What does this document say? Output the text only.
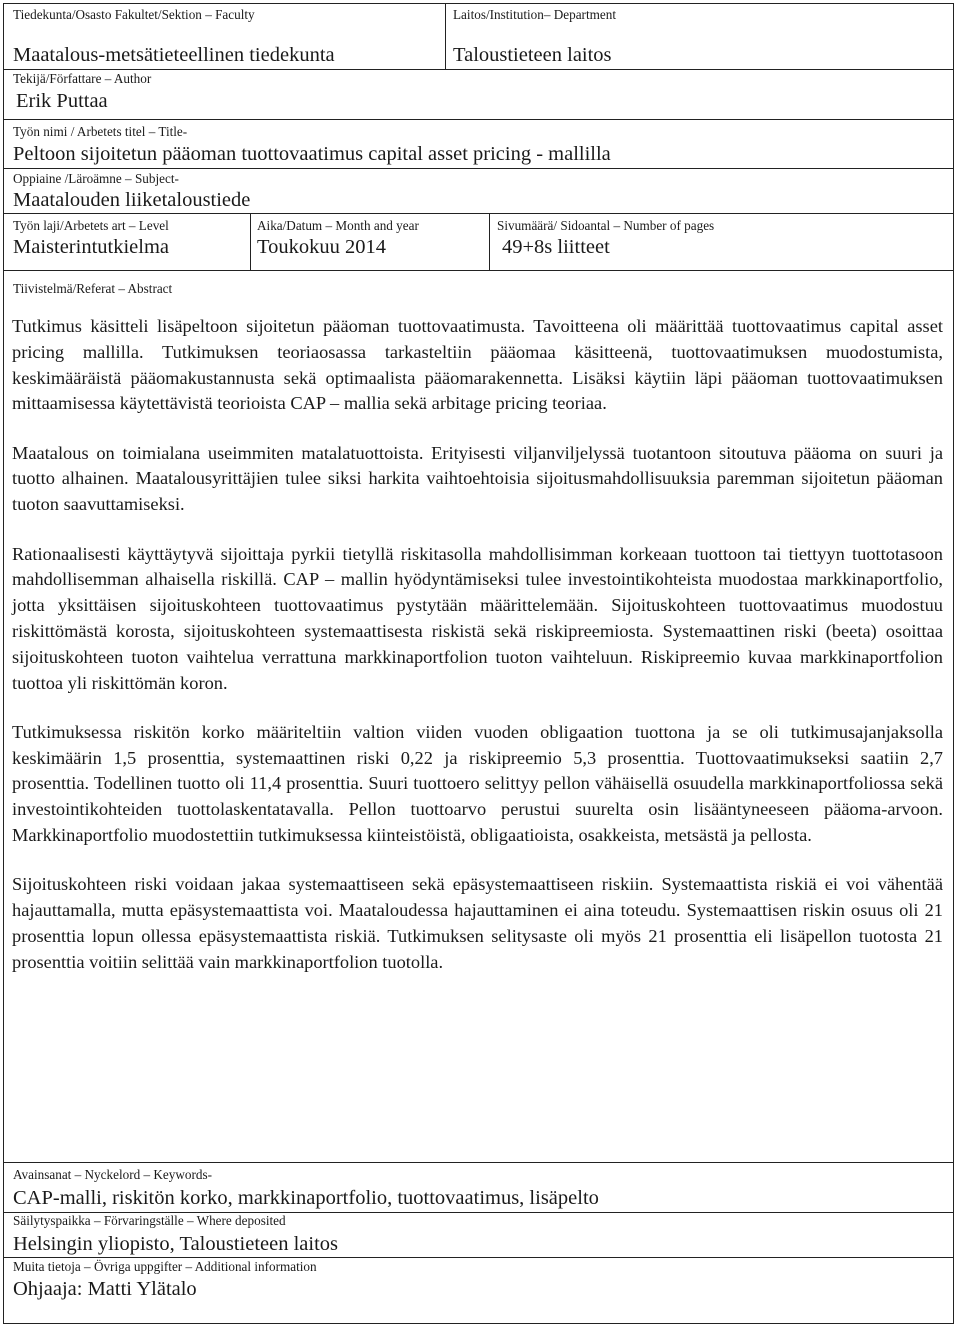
Tiedekunta/Osasto Fakultet/Sektion – Faculty
Maatalous-metsätieteellinen tiedekunta
Laitos/Institution– Department
Taloustieteen laitos
Tekijä/Författare – Author
Erik Puttaa
Työn nimi / Arbetets titel – Title-
Peltoon sijoitetun pääoman tuottovaatimus capital asset pricing - mallilla
Oppiaine /Läroämne – Subject-
Maatalouden liiketaloustiede
Työn laji/Arbetets art – Level
Maisterintutkielma
Aika/Datum – Month and year
Toukokuu 2014
Sivumäärä/ Sidoantal – Number of pages
49+8s liitteet
Tiivistelmä/Referat – Abstract

Tutkimus käsitteli lisäpeltoon sijoitetun pääoman tuottovaatimusta. Tavoitteena oli määrittää tuottovaatimus capital asset pricing mallilla. Tutkimuksen teoriaosassa tarkasteltiin pääomaa käsitteenä, tuottovaatimuksen muodostumista, keskimääräistä pääomakustannusta sekä optimaalista pääomarakennetta. Lisäksi käytiin läpi pääoman tuottovaatimuksen mittaamisessa käytettävistä teorioista CAP – mallia sekä arbitage pricing teoriaa.

Maatalous on toimialana useimmiten matalatuottoista. Erityisesti viljanviljelyssä tuotantoon sitoutuva pääoma on suuri ja tuotto alhainen. Maatalousyrittäjien tulee siksi harkita vaihtoehtoisia sijoitusmahdollisuuksia paremman sijoitetun pääoman tuoton saavuttamiseksi.

Rationaalisesti käyttäytyvä sijoittaja pyrkii tietyllä riskitasolla mahdollisimman korkeaan tuottoon tai tiettyyn tuottotasoon mahdollisemman alhaisella riskillä. CAP – mallin hyödyntämiseksi tulee investointikohteista muodostaa markkinaportfolio, jotta yksittäisen sijoituskohteen tuottovaatimus pystytään määrittelemään. Sijoituskohteen tuottovaatimus muodostuu riskittömästä korosta, sijoituskohteen systemaattisesta riskistä sekä riskipreemiosta. Systemaattinen riski (beeta) osoittaa sijoituskohteen tuoton vaihtelua verrattuna markkinaportfolion tuoton vaihteluun. Riskipreemio kuvaa markkinaportfolion tuottoa yli riskittömän koron.

Tutkimuksessa riskitön korko määriteltiin valtion viiden vuoden obligaation tuottona ja se oli tutkimusajanjaksolla keskimäärin 1,5 prosenttia, systemaattinen riski 0,22 ja riskipreemio 5,3 prosenttia. Tuottovaatimukseksi saatiin 2,7 prosenttia. Todellinen tuotto oli 11,4 prosenttia. Suuri tuottoero selittyy pellon vähäisellä osuudella markkinaportfoliossa sekä investointikohteiden tuottolaskentatavalla. Pellon tuottoarvo perustui suurelta osin lisääntyneeseen pääoma-arvoon. Markkinaportfolio muodostettiin tutkimuksessa kiinteistöistä, obligaatioista, osakkeista, metsästä ja pellosta.

Sijoituskohteen riski voidaan jakaa systemaattiseen sekä epäsystemaattiseen riskiin. Systemaattista riskiä ei voi vähentää hajauttamalla, mutta epäsystemaattista voi. Maataloudessa hajauttaminen ei aina toteudu. Systemaattisen riskin osuus oli 21 prosenttia lopun ollessa epäsystemaattista riskiä. Tutkimuksen selitysaste oli myös 21 prosenttia eli lisäpellon tuotosta 21 prosenttia voitiin selittää vain markkinaportfolion tuotolla.

Avainsanat – Nyckelord – Keywords-
CAP-malli, riskitön korko, markkinaportfolio, tuottovaatimus, lisäpelto
Säilytyspaikka – Förvaringställe – Where deposited
Helsingin yliopisto, Taloustieteen laitos
Muita tietoja – Övriga uppgifter – Additional information
Ohjaaja: Matti Ylätalo
